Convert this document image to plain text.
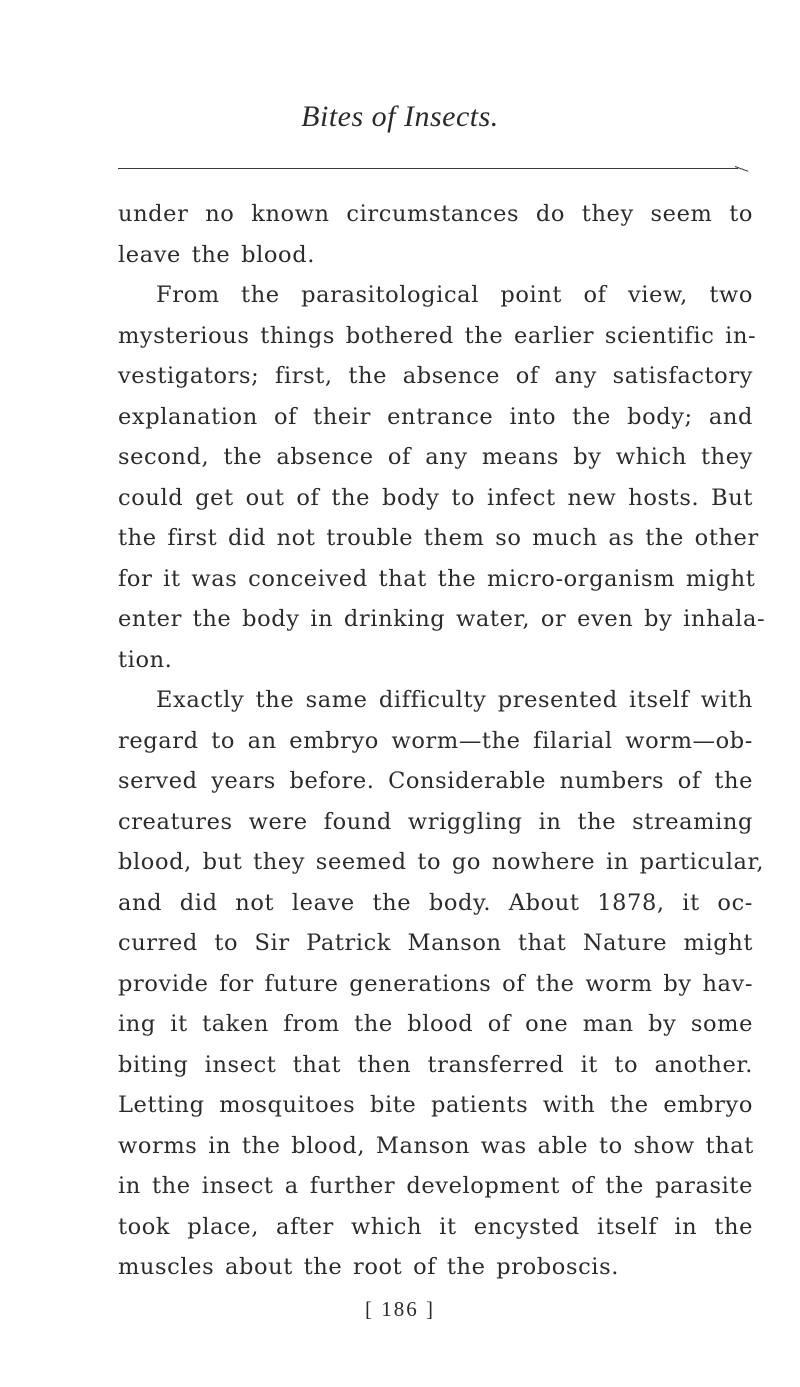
Bites of Insects.
under no known circumstances do they seem to
leave the blood.
From the parasitological point of view, two
mysterious things bothered the earlier scientific in-
vestigators; first, the absence of any satisfactory
explanation of their entrance into the body; and
second, the absence of any means by which they
could get out of the body to infect new hosts. But
the first did not trouble them so much as the other
for it was conceived that the micro-organism might
enter the body in drinking water, or even by inhala-
tion.
Exactly the same difficulty presented itself with
regard to an embryo worm—the filarial worm—ob-
served years before. Considerable numbers of the
creatures were found wriggling in the streaming
blood, but they seemed to go nowhere in particular,
and did not leave the body. About 1878, it oc-
curred to Sir Patrick Manson that Nature might
provide for future generations of the worm by hav-
ing it taken from the blood of one man by some
biting insect that then transferred it to another.
Letting mosquitoes bite patients with the embryo
worms in the blood, Manson was able to show that
in the insect a further development of the parasite
took place, after which it encysted itself in the
muscles about the root of the proboscis.
[ 186 ]
